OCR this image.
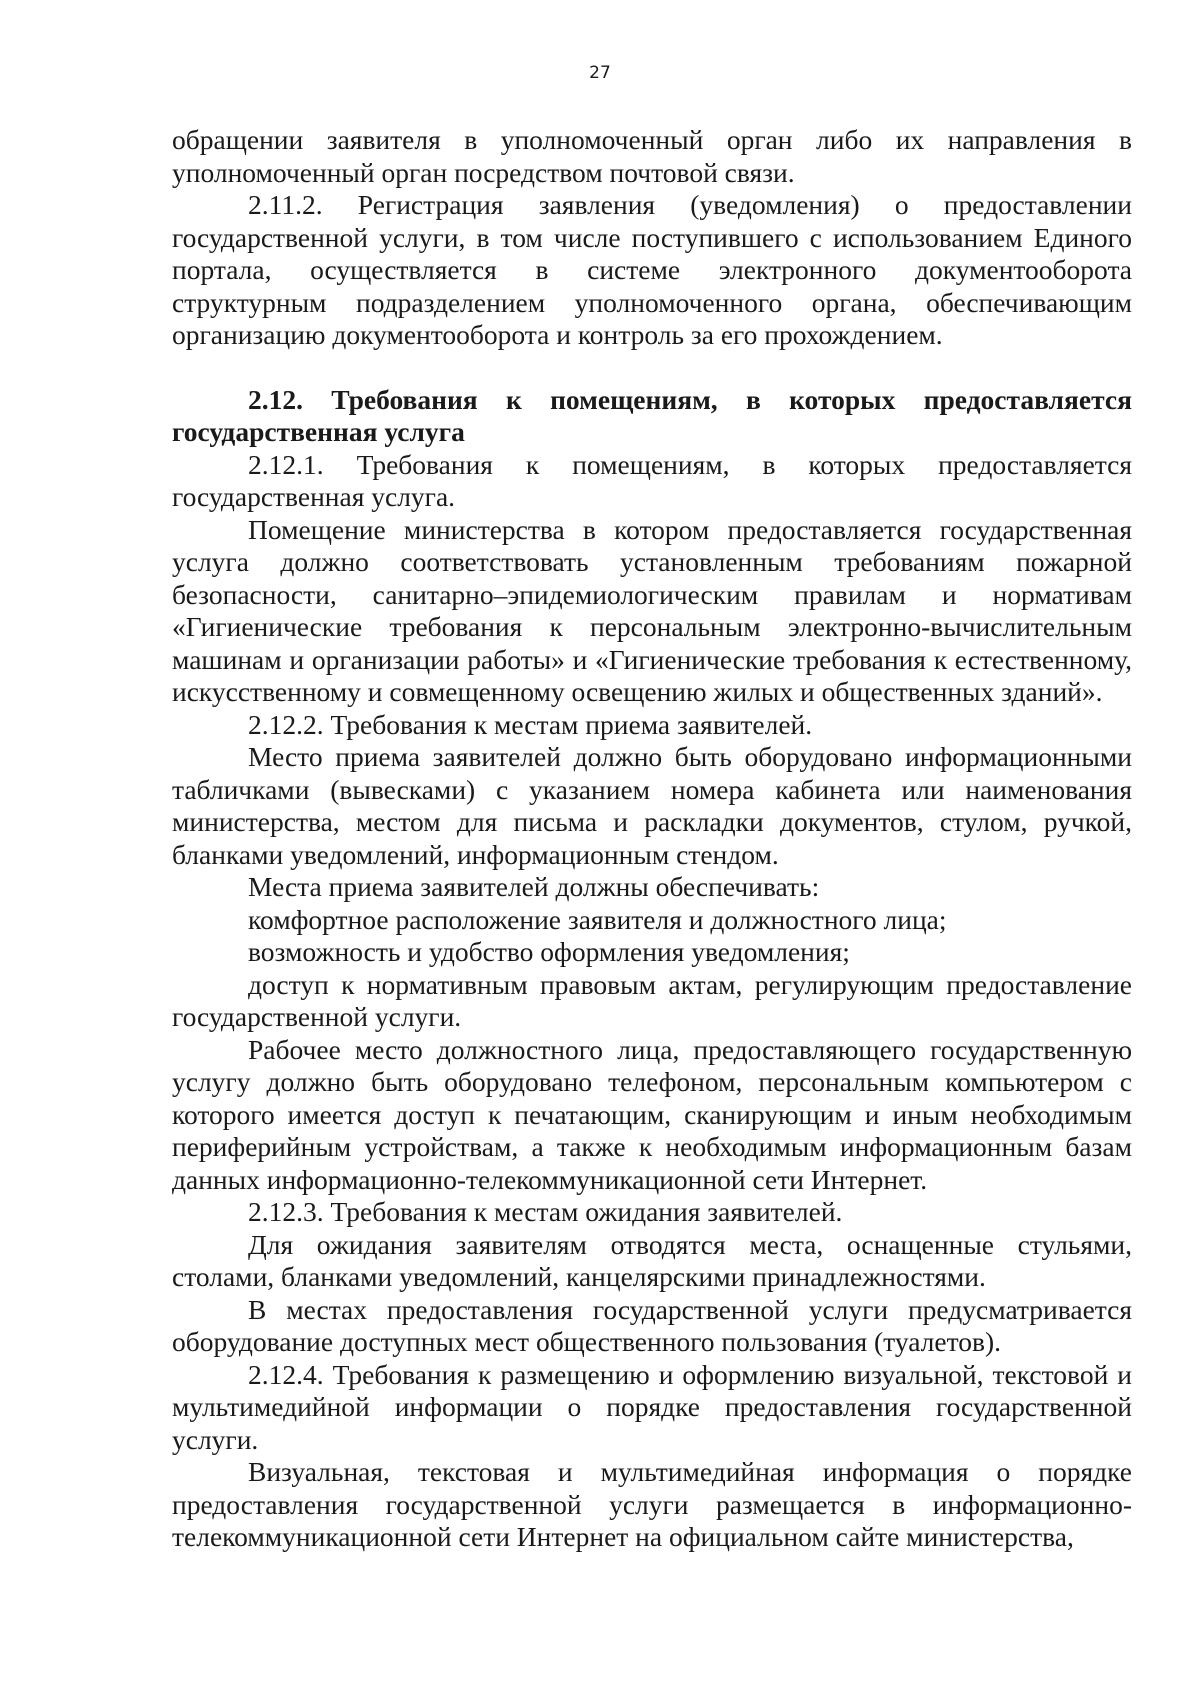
27

обращении заявителя в уполномоченный орган либо их направления в уполномоченный орган посредством почтовой связи.

2.11.2. Регистрация заявления (уведомления) о предоставлении государственной услуги, в том числе поступившего с использованием Единого портала, осуществляется в системе электронного документооборота структурным подразделением уполномоченного органа, обеспечивающим организацию документооборота и контроль за его прохождением.

2.12. Требования к помещениям, в которых предоставляется государственная услуга

2.12.1. Требования к помещениям, в которых предоставляется государственная услуга.

Помещение министерства в котором предоставляется государственная услуга должно соответствовать установленным требованиям пожарной безопасности, санитарно–эпидемиологическим правилам и нормативам «Гигиенические требования к персональным электронно-вычислительным машинам и организации работы» и «Гигиенические требования к естественному, искусственному и совмещенному освещению жилых и общественных зданий».

2.12.2. Требования к местам приема заявителей.

Место приема заявителей должно быть оборудовано информационными табличками (вывесками) с указанием номера кабинета или наименования министерства, местом для письма и раскладки документов, стулом, ручкой, бланками уведомлений, информационным стендом.

Места приема заявителей должны обеспечивать:

комфортное расположение заявителя и должностного лица;

возможность и удобство оформления уведомления;

доступ к нормативным правовым актам, регулирующим предоставление государственной услуги.

Рабочее место должностного лица, предоставляющего государственную услугу должно быть оборудовано телефоном, персональным компьютером с которого имеется доступ к печатающим, сканирующим и иным необходимым периферийным устройствам, а также к необходимым информационным базам данных информационно-телекоммуникационной сети Интернет.

2.12.3. Требования к местам ожидания заявителей.

Для ожидания заявителям отводятся места, оснащенные стульями, столами, бланками уведомлений, канцелярскими принадлежностями.

В местах предоставления государственной услуги предусматривается оборудование доступных мест общественного пользования (туалетов).

2.12.4. Требования к размещению и оформлению визуальной, текстовой и мультимедийной информации о порядке предоставления государственной услуги.

Визуальная, текстовая и мультимедийная информация о порядке предоставления государственной услуги размещается в информационно-телекоммуникационной сети Интернет на официальном сайте министерства,
